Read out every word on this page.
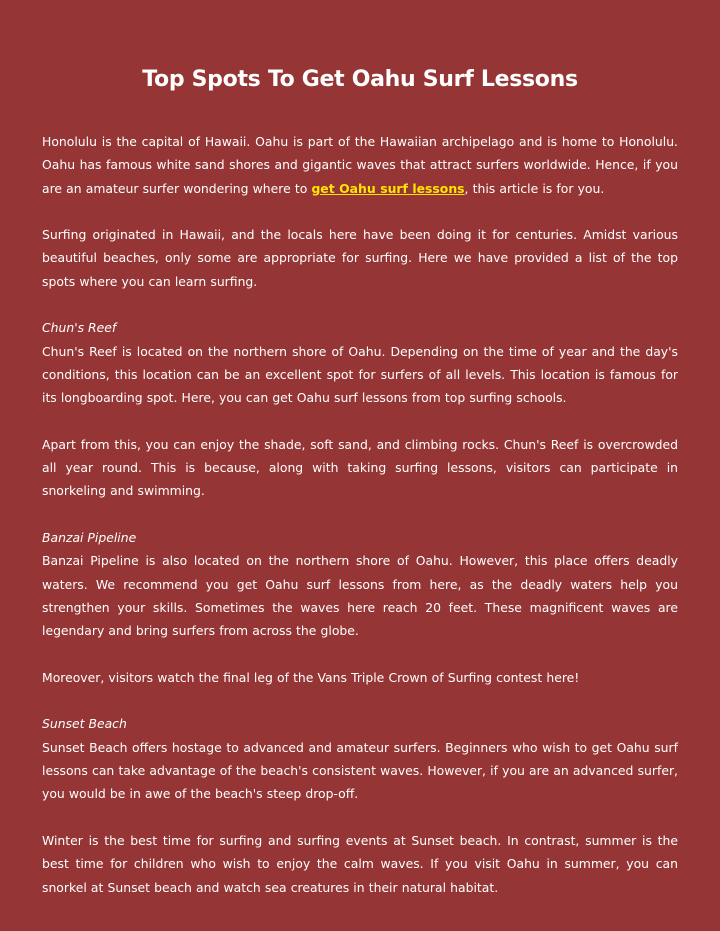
Top Spots To Get Oahu Surf Lessons

Honolulu is the capital of Hawaii. Oahu is part of the Hawaiian archipelago and is home to Honolulu. Oahu has famous white sand shores and gigantic waves that attract surfers worldwide. Hence, if you are an amateur surfer wondering where to get Oahu surf lessons, this article is for you.

Surfing originated in Hawaii, and the locals here have been doing it for centuries. Amidst various beautiful beaches, only some are appropriate for surfing. Here we have provided a list of the top spots where you can learn surfing.

Chun's Reef

Chun's Reef is located on the northern shore of Oahu. Depending on the time of year and the day's conditions, this location can be an excellent spot for surfers of all levels. This location is famous for its longboarding spot. Here, you can get Oahu surf lessons from top surfing schools.

Apart from this, you can enjoy the shade, soft sand, and climbing rocks. Chun's Reef is overcrowded all year round. This is because, along with taking surfing lessons, visitors can participate in snorkeling and swimming.

Banzai Pipeline

Banzai Pipeline is also located on the northern shore of Oahu. However, this place offers deadly waters. We recommend you get Oahu surf lessons from here, as the deadly waters help you strengthen your skills. Sometimes the waves here reach 20 feet. These magnificent waves are legendary and bring surfers from across the globe.

Moreover, visitors watch the final leg of the Vans Triple Crown of Surfing contest here!

Sunset Beach

Sunset Beach offers hostage to advanced and amateur surfers. Beginners who wish to get Oahu surf lessons can take advantage of the beach's consistent waves. However, if you are an advanced surfer, you would be in awe of the beach's steep drop-off.

Winter is the best time for surfing and surfing events at Sunset beach. In contrast, summer is the best time for children who wish to enjoy the calm waves. If you visit Oahu in summer, you can snorkel at Sunset beach and watch sea creatures in their natural habitat.
